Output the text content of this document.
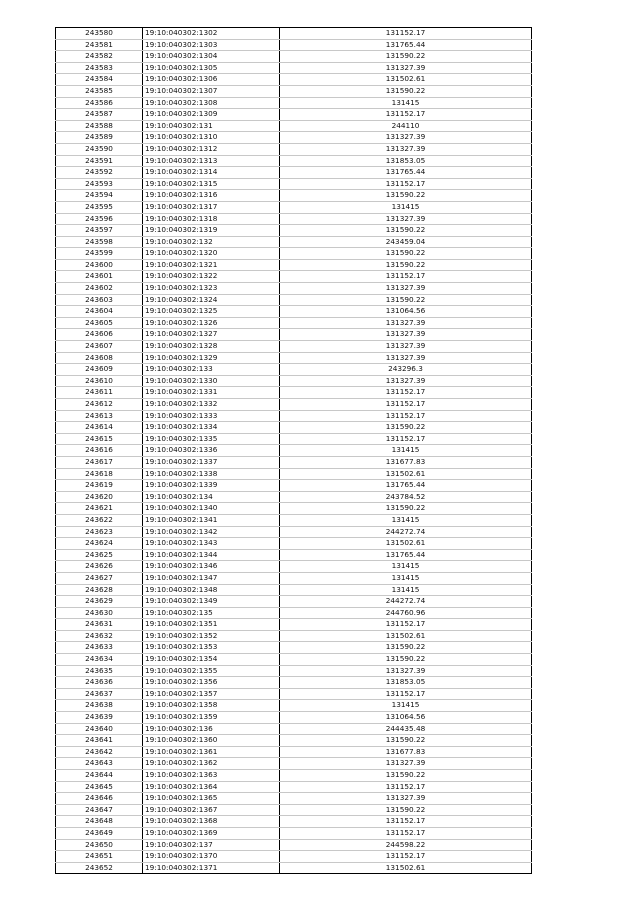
243580	19:10:040302:1302	131152.17
243581	19:10:040302:1303	131765.44
243582	19:10:040302:1304	131590.22
243583	19:10:040302:1305	131327.39
243584	19:10:040302:1306	131502.61
243585	19:10:040302:1307	131590.22
243586	19:10:040302:1308	131415
243587	19:10:040302:1309	131152.17
243588	19:10:040302:131	244110
243589	19:10:040302:1310	131327.39
243590	19:10:040302:1312	131327.39
243591	19:10:040302:1313	131853.05
243592	19:10:040302:1314	131765.44
243593	19:10:040302:1315	131152.17
243594	19:10:040302:1316	131590.22
243595	19:10:040302:1317	131415
243596	19:10:040302:1318	131327.39
243597	19:10:040302:1319	131590.22
243598	19:10:040302:132	243459.04
243599	19:10:040302:1320	131590.22
243600	19:10:040302:1321	131590.22
243601	19:10:040302:1322	131152.17
243602	19:10:040302:1323	131327.39
243603	19:10:040302:1324	131590.22
243604	19:10:040302:1325	131064.56
243605	19:10:040302:1326	131327.39
243606	19:10:040302:1327	131327.39
243607	19:10:040302:1328	131327.39
243608	19:10:040302:1329	131327.39
243609	19:10:040302:133	243296.3
243610	19:10:040302:1330	131327.39
243611	19:10:040302:1331	131152.17
243612	19:10:040302:1332	131152.17
243613	19:10:040302:1333	131152.17
243614	19:10:040302:1334	131590.22
243615	19:10:040302:1335	131152.17
243616	19:10:040302:1336	131415
243617	19:10:040302:1337	131677.83
243618	19:10:040302:1338	131502.61
243619	19:10:040302:1339	131765.44
243620	19:10:040302:134	243784.52
243621	19:10:040302:1340	131590.22
243622	19:10:040302:1341	131415
243623	19:10:040302:1342	244272.74
243624	19:10:040302:1343	131502.61
243625	19:10:040302:1344	131765.44
243626	19:10:040302:1346	131415
243627	19:10:040302:1347	131415
243628	19:10:040302:1348	131415
243629	19:10:040302:1349	244272.74
243630	19:10:040302:135	244760.96
243631	19:10:040302:1351	131152.17
243632	19:10:040302:1352	131502.61
243633	19:10:040302:1353	131590.22
243634	19:10:040302:1354	131590.22
243635	19:10:040302:1355	131327.39
243636	19:10:040302:1356	131853.05
243637	19:10:040302:1357	131152.17
243638	19:10:040302:1358	131415
243639	19:10:040302:1359	131064.56
243640	19:10:040302:136	244435.48
243641	19:10:040302:1360	131590.22
243642	19:10:040302:1361	131677.83
243643	19:10:040302:1362	131327.39
243644	19:10:040302:1363	131590.22
243645	19:10:040302:1364	131152.17
243646	19:10:040302:1365	131327.39
243647	19:10:040302:1367	131590.22
243648	19:10:040302:1368	131152.17
243649	19:10:040302:1369	131152.17
243650	19:10:040302:137	244598.22
243651	19:10:040302:1370	131152.17
243652	19:10:040302:1371	131502.61
